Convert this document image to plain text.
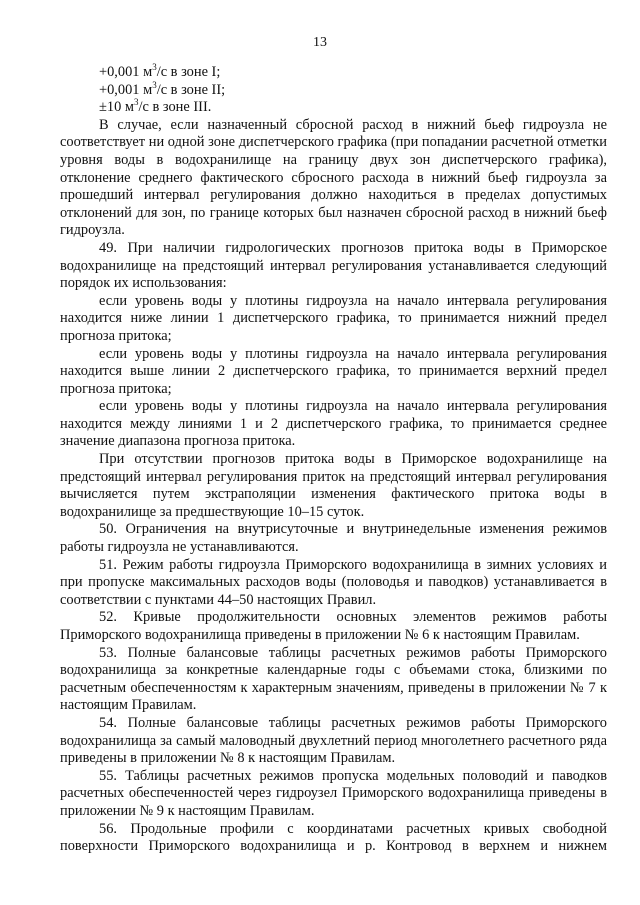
13

+0,001 $м^3/с$ в зоне I;

+0,001 $м^3/с$ в зоне II;

±10 $м^3/с$ в зоне III.

В случае, если назначенный сбросной расход в нижний бьеф гидроузла не соответствует ни одной зоне диспетчерского графика (при попадании расчетной отметки уровня воды в водохранилище на границу двух зон диспетчерского графика), отклонение среднего фактического сбросного расхода в нижний бьеф гидроузла за прошедший интервал регулирования должно находиться в пределах допустимых отклонений для зон, по границе которых был назначен сбросной расход в нижний бьеф гидроузла.

49. При наличии гидрологических прогнозов притока воды в Приморское водохранилище на предстоящий интервал регулирования устанавливается следующий порядок их использования:

если уровень воды у плотины гидроузла на начало интервала регулирования находится ниже линии 1 диспетчерского графика, то принимается нижний предел прогноза притока;

если уровень воды у плотины гидроузла на начало интервала регулирования находится выше линии 2 диспетчерского графика, то принимается верхний предел прогноза притока;

если уровень воды у плотины гидроузла на начало интервала регулирования находится между линиями 1 и 2 диспетчерского графика, то принимается среднее значение диапазона прогноза притока.

При отсутствии прогнозов притока воды в Приморское водохранилище на предстоящий интервал регулирования приток на предстоящий интервал регулирования вычисляется путем экстраполяции изменения фактического притока воды в водохранилище за предшествующие 10–15 суток.

50. Ограничения на внутрисуточные и внутринедельные изменения режимов работы гидроузла не устанавливаются.

51. Режим работы гидроузла Приморского водохранилища в зимних условиях и при пропуске максимальных расходов воды (половодья и паводков) устанавливается в соответствии с пунктами 44–50 настоящих Правил.

52. Кривые продолжительности основных элементов режимов работы Приморского водохранилища приведены в приложении № 6 к настоящим Правилам.

53. Полные балансовые таблицы расчетных режимов работы Приморского водохранилища за конкретные календарные годы с объемами стока, близкими по расчетным обеспеченностям к характерным значениям, приведены в приложении № 7 к настоящим Правилам.

54. Полные балансовые таблицы расчетных режимов работы Приморского водохранилища за самый маловодный двухлетний период многолетнего расчетного ряда приведены в приложении № 8 к настоящим Правилам.

55. Таблицы расчетных режимов пропуска модельных половодий и паводков расчетных обеспеченностей через гидроузел Приморского водохранилища приведены в приложении № 9 к настоящим Правилам.

56. Продольные профили с координатами расчетных кривых свободной поверхности Приморского водохранилища и р. Контровод в верхнем и нижнем
